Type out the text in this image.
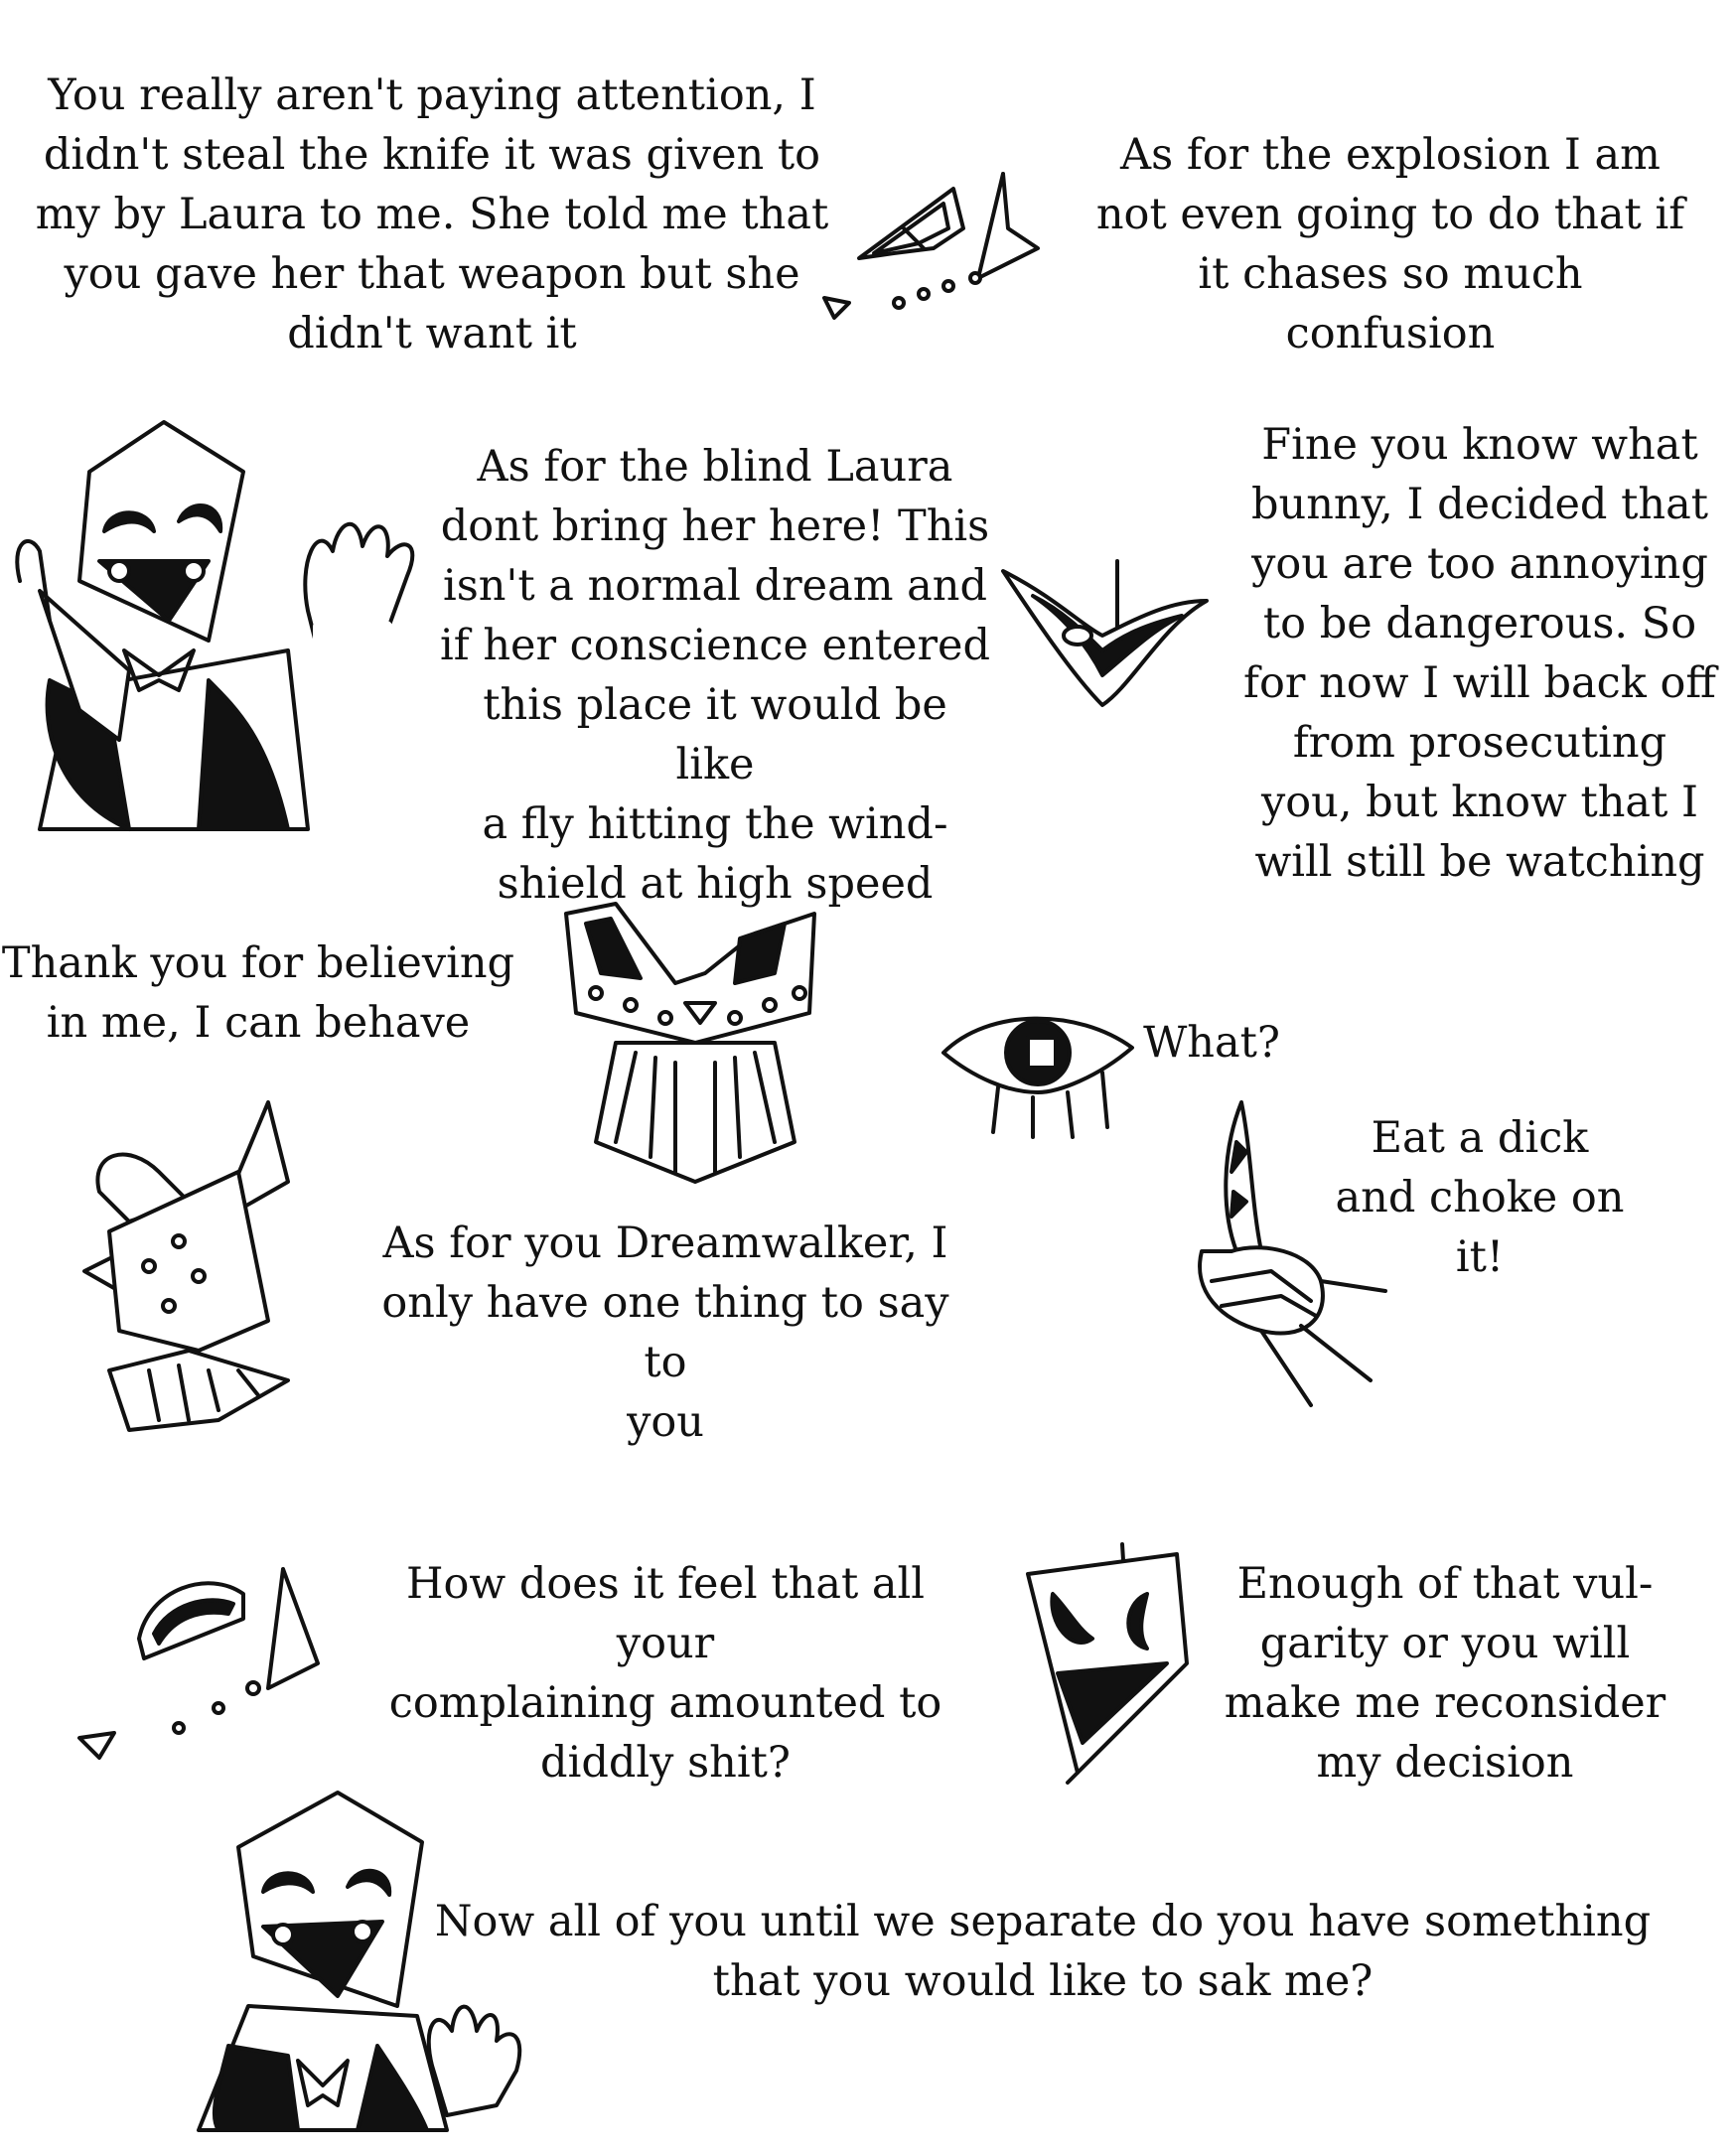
You really aren't paying attention, I
didn't steal the knife it was given to
my by Laura to me. She told me that
you gave her that weapon but she
didn't want it
As for the explosion I am
not even going to do that if
it chases so much confusion
As for the blind Laura
dont bring her here! This
isn't a normal dream and
if her conscience entered
this place it would be like
a fly hitting the wind-
shield at high speed
Fine you know what
bunny, I decided that
you are too annoying
to be dangerous. So
for now I will back off
from prosecuting
you, but know that I
will still be watching
Thank you for believing
in me, I can behave	What?
Eat a dick
and choke on
it!
As for you Dreamwalker, I
only have one thing to say to
you
How does it feel that all your
complaining amounted to
diddly shit?
Enough of that vul-
garity or you will
make me reconsider
my decision
Now all of you until we separate do you have something
that you would like to sak me?
